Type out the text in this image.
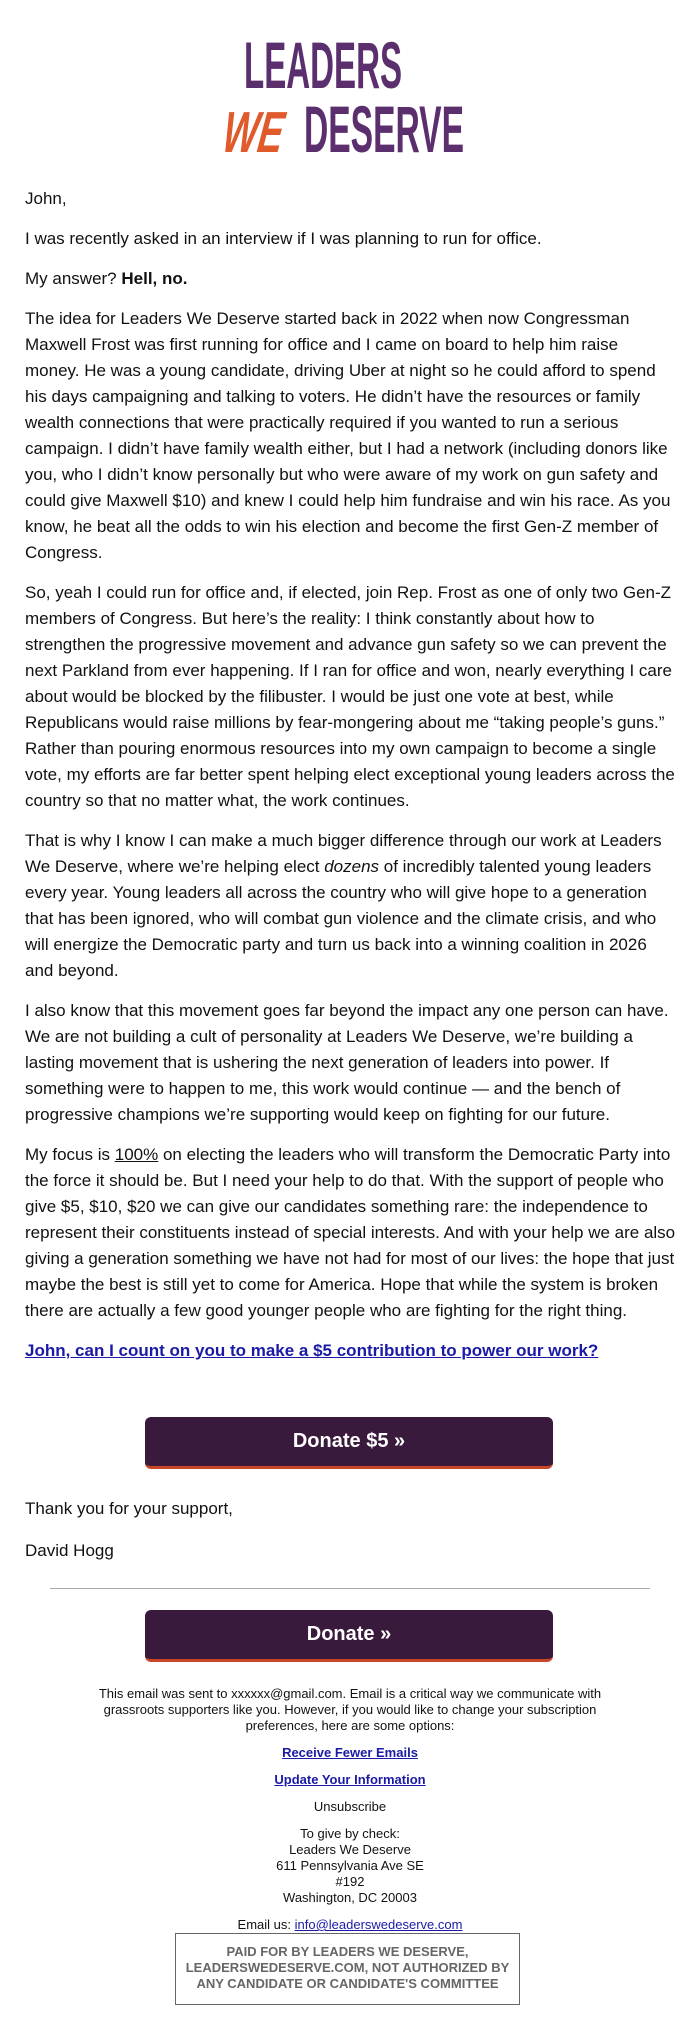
LEADERS
WE
DESERVE

John,

I was recently asked in an interview if I was planning to run for office.

My answer? Hell, no.

The idea for Leaders We Deserve started back in 2022 when now Congressman Maxwell Frost was first running for office and I came on board to help him raise money. He was a young candidate, driving Uber at night so he could afford to spend his days campaigning and talking to voters. He didn’t have the resources or family wealth connections that were practically required if you wanted to run a serious campaign. I didn’t have family wealth either, but I had a network (including donors like you, who I didn’t know personally but who were aware of my work on gun safety and could give Maxwell $10) and knew I could help him fundraise and win his race. As you know, he beat all the odds to win his election and become the first Gen-Z member of Congress.

So, yeah I could run for office and, if elected, join Rep. Frost as one of only two Gen-Z members of Congress. But here’s the reality: I think constantly about how to strengthen the progressive movement and advance gun safety so we can prevent the next Parkland from ever happening. If I ran for office and won, nearly everything I care about would be blocked by the filibuster. I would be just one vote at best, while Republicans would raise millions by fear-mongering about me “taking people’s guns.” Rather than pouring enormous resources into my own campaign to become a single vote, my efforts are far better spent helping elect exceptional young leaders across the country so that no matter what, the work continues.

That is why I know I can make a much bigger difference through our work at Leaders We Deserve, where we’re helping elect dozens of incredibly talented young leaders every year. Young leaders all across the country who will give hope to a generation that has been ignored, who will combat gun violence and the climate crisis, and who will energize the Democratic party and turn us back into a winning coalition in 2026 and beyond.

I also know that this movement goes far beyond the impact any one person can have. We are not building a cult of personality at Leaders We Deserve, we’re building a lasting movement that is ushering the next generation of leaders into power. If something were to happen to me, this work would continue — and the bench of progressive champions we’re supporting would keep on fighting for our future.

My focus is 100% on electing the leaders who will transform the Democratic Party into the force it should be. But I need your help to do that. With the support of people who give $5, $10, $20 we can give our candidates something rare: the independence to represent their constituents instead of special interests. And with your help we are also giving a generation something we have not had for most of our lives: the hope that just maybe the best is still yet to come for America. Hope that while the system is broken there are actually a few good younger people who are fighting for the right thing.

John, can I count on you to make a $5 contribution to power our work?

Donate $5 »

Thank you for your support,

David Hogg

Donate »

This email was sent to xxxxxx@gmail.com. Email is a critical way we communicate with grassroots supporters like you. However, if you would like to change your subscription preferences, here are some options:

Receive Fewer Emails

Update Your Information

Unsubscribe

To give by check:
Leaders We Deserve
611 Pennsylvania Ave SE
#192
Washington, DC 20003

Email us: info@leaderswedeserve.com

PAID FOR BY LEADERS WE DESERVE, LEADERSWEDESERVE.COM, NOT AUTHORIZED BY ANY CANDIDATE OR CANDIDATE'S COMMITTEE
